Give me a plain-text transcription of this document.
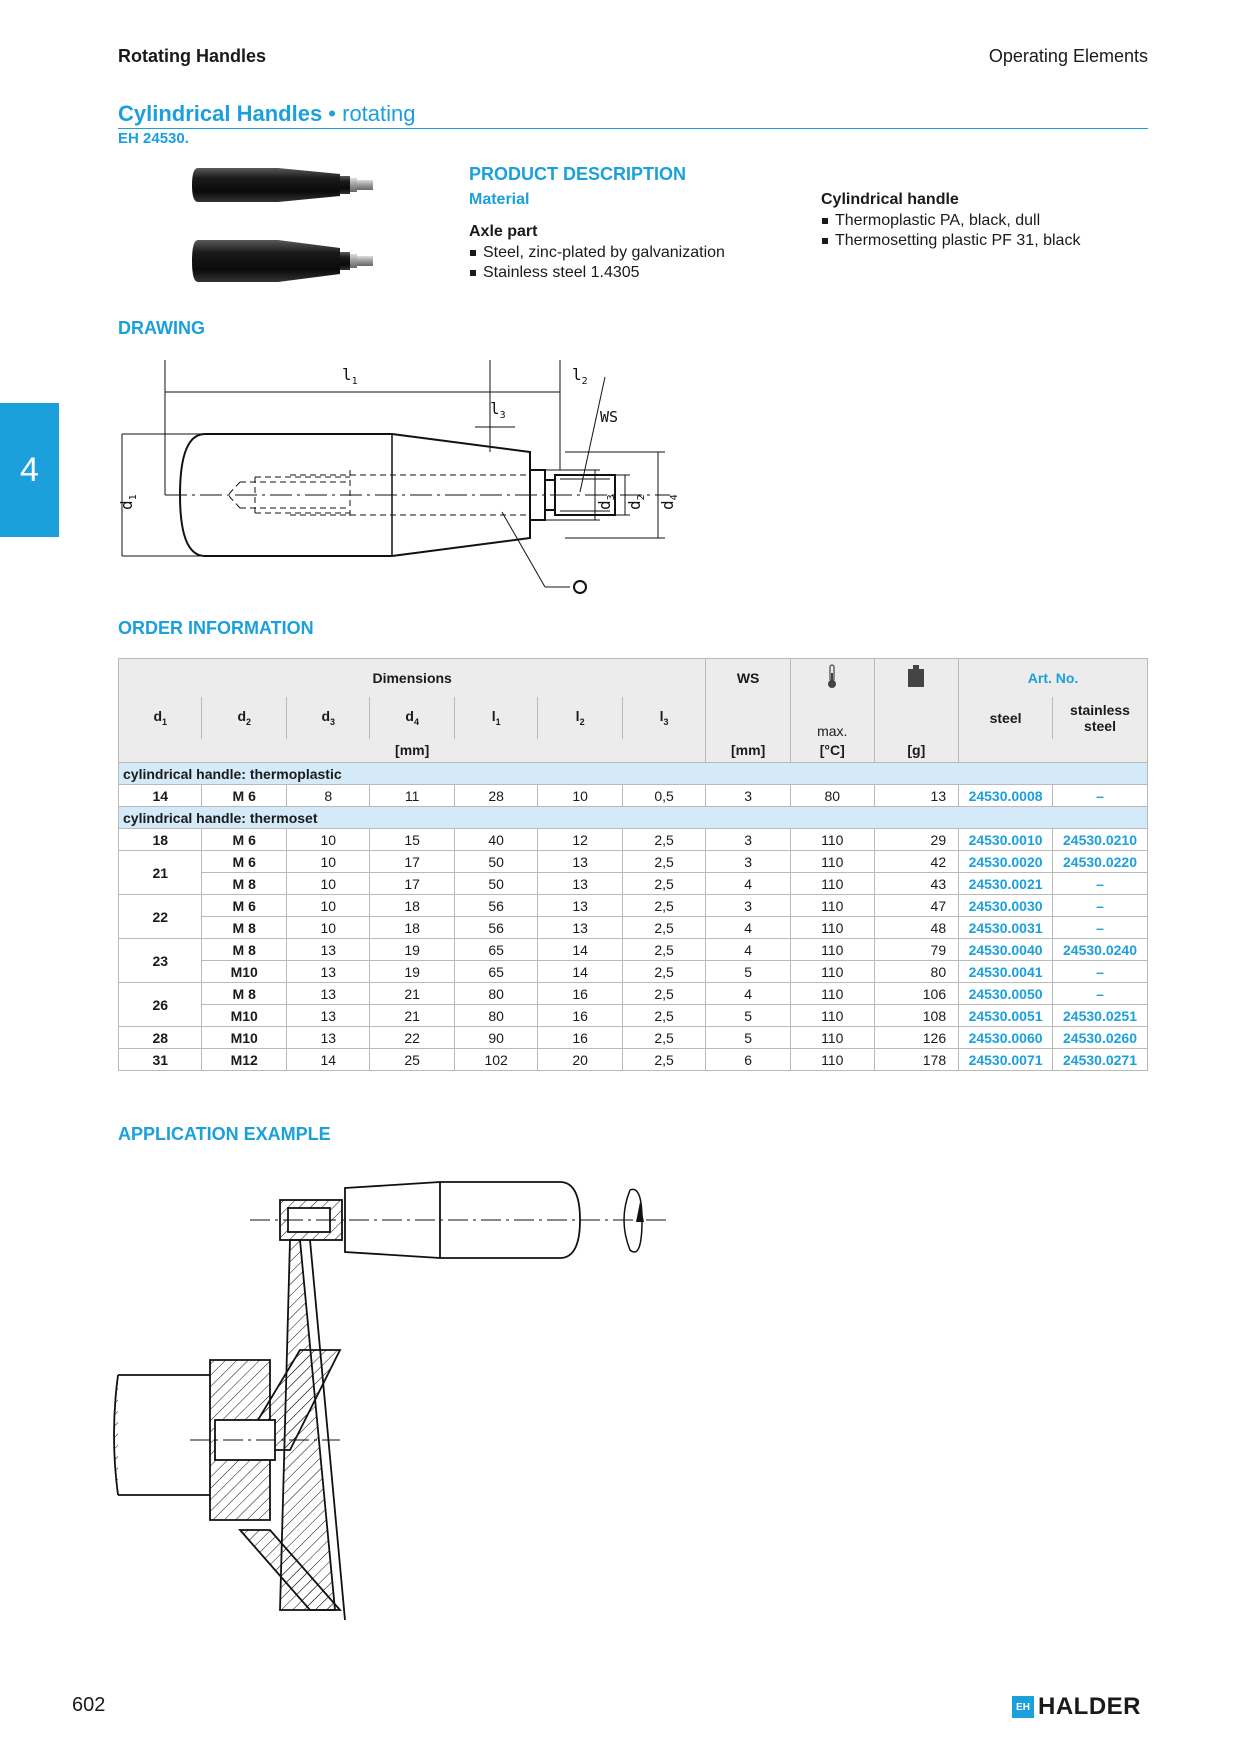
Rotating Handles	Operating Elements
Cylindrical Handles • rotating
EH 24530.
4
PRODUCT DESCRIPTION
Material
Axle part
Steel, zinc-plated by galvanization
Stainless steel 1.4305
Cylindrical handle
Thermoplastic PA, black, dull
Thermosetting plastic PF 31, black
DRAWING
$l_1$	$l_2$
$l_3$	WS
$d_1$
$d_2$
$d_3$
$d_4$
ORDER INFORMATION
Dimensions							WS			Art. No.	
$d_1$	$d_2$	$d_3$	$d_4$	$l_1$	$l_2$	$l_3$		max.		steel	stainless steel
[mm]							[mm]	[°C]	[g]		
cylindrical handle: thermoplastic											
14	M 6	8	11	28	10	0,5	3	80	13	24530.0008	–
cylindrical handle: thermoset											
18	M 6	10	15	40	12	2,5	3	110	29	24530.0010	24530.0210
21	M 6	10	17	50	13	2,5	3	110	42	24530.0020	24530.0220
	M 8	10	17	50	13	2,5	4	110	43	24530.0021	–
22	M 6	10	18	56	13	2,5	3	110	47	24530.0030	–
	M 8	10	18	56	13	2,5	4	110	48	24530.0031	–
23	M 8	13	19	65	14	2,5	4	110	79	24530.0040	24530.0240
	M10	13	19	65	14	2,5	5	110	80	24530.0041	–
26	M 8	13	21	80	16	2,5	4	110	106	24530.0050	–
	M10	13	21	80	16	2,5	5	110	108	24530.0051	24530.0251
28	M10	13	22	90	16	2,5	5	110	126	24530.0060	24530.0260
31	M12	14	25	102	20	2,5	6	110	178	24530.0071	24530.0271
APPLICATION EXAMPLE
602	EH HALDER
